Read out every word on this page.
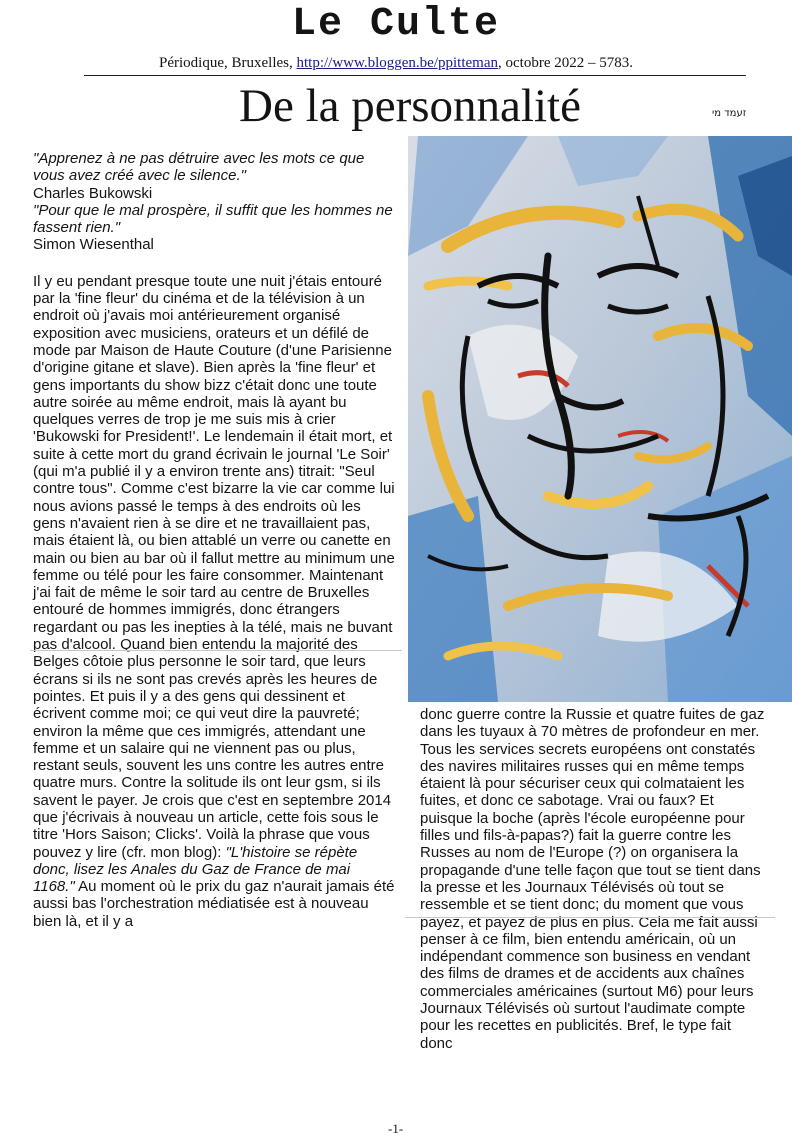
Le Culte
Périodique, Bruxelles, http://www.bloggen.be/ppitteman, octobre 2022 – 5783.
De la personnalité	זעמד מי

"Apprenez à ne pas détruire avec les mots ce que vous avez créé avec le silence."

Charles Bukowski

"Pour que le mal prospère, il suffit que les hommes ne fassent rien."

Simon Wiesenthal

Il y eu pendant presque toute une nuit j'étais entouré par la 'fine fleur' du cinéma et de la télévision à un endroit où j'avais moi antérieurement organisé exposition avec musiciens, orateurs et un défilé de mode par Maison de Haute Couture (d'une Parisienne d'origine gitane et slave). Bien après la 'fine fleur' et gens importants du show bizz c'était donc une toute autre soirée au même endroit, mais là ayant bu quelques verres de trop je me suis mis à crier 'Bukowski for President!'. Le lendemain il était mort, et suite à cette mort du grand écrivain le journal 'Le Soir' (qui m'a publié il y a environ trente ans) titrait: "Seul contre tous". Comme c'est bizarre la vie car comme lui nous avions passé le temps à des endroits où les gens n'avaient rien à se dire et ne travaillaient pas, mais étaient là, ou bien attablé un verre ou canette en main ou bien au bar où il fallut mettre au minimum une femme ou télé pour les faire consommer. Maintenant j'ai fait de même le soir tard au centre de Bruxelles entouré de hommes immigrés, donc étrangers regardant ou pas les inepties à la télé, mais ne buvant pas d'alcool. Quand bien entendu la majorité des Belges côtoie plus personne le soir tard, que leurs écrans si ils ne sont pas crevés après les heures de pointes. Et puis il y a des gens qui dessinent et écrivent comme moi; ce qui veut dire la pauvreté; environ la même que ces immigrés, attendant une femme et un salaire qui ne viennent pas ou plus, restant seuls, souvent les uns contre les autres entre quatre murs. Contre la solitude ils ont leur gsm, si ils savent le payer. Je crois que c'est en septembre 2014 que j'écrivais à nouveau un article, cette fois sous le titre 'Hors Saison; Clicks'. Voilà la phrase que vous pouvez y lire (cfr. mon blog): "L'histoire se répète donc, lisez les Anales du Gaz de France de mai 1168." Au moment où le prix du gaz n'aurait jamais été aussi bas l'orchestration médiatisée est à nouveau bien là, et il y a

donc guerre contre la Russie et quatre fuites de gaz dans les tuyaux à 70 mètres de profondeur en mer. Tous les services secrets européens ont constatés des navires militaires russes qui en même temps étaient là pour sécuriser ceux qui colmataient les fuites, et donc ce sabotage. Vrai ou faux? Et puisque la boche (après l'école européenne pour filles und fils-à-papas?) fait la guerre contre les Russes au nom de l'Europe (?) on organisera la propagande d'une telle façon que tout se tient dans la presse et les Journaux Télévisés où tout se ressemble et se tient donc; du moment que vous payez, et payez de plus en plus. Cela me fait aussi penser à ce film, bien entendu américain, où un indépendant commence son business en vendant des films de drames et de accidents aux chaînes commerciales américaines (surtout M6) pour leurs Journaux Télévisés où surtout l'audimate compte pour les recettes en publicités. Bref, le type fait donc

-1-
